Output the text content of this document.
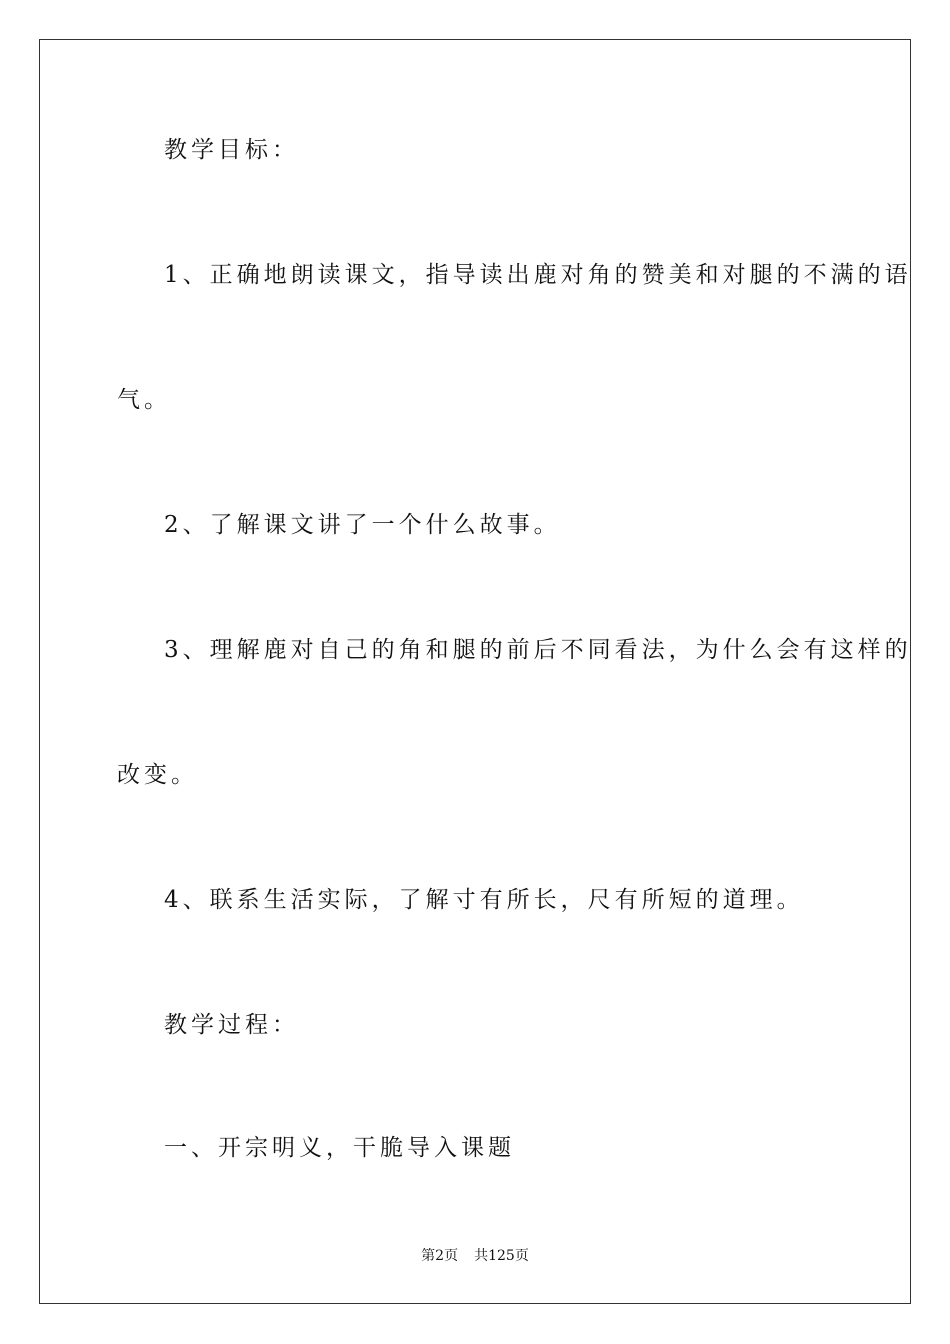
教学目标：
1、正确地朗读课文，指导读出鹿对角的赞美和对腿的不满的语
气。
2、了解课文讲了一个什么故事。
3、理解鹿对自己的角和腿的前后不同看法，为什么会有这样的
改变。
4、联系生活实际，了解寸有所长，尺有所短的道理。
教学过程：
一、开宗明义，干脆导入课题
第2页 共125页
